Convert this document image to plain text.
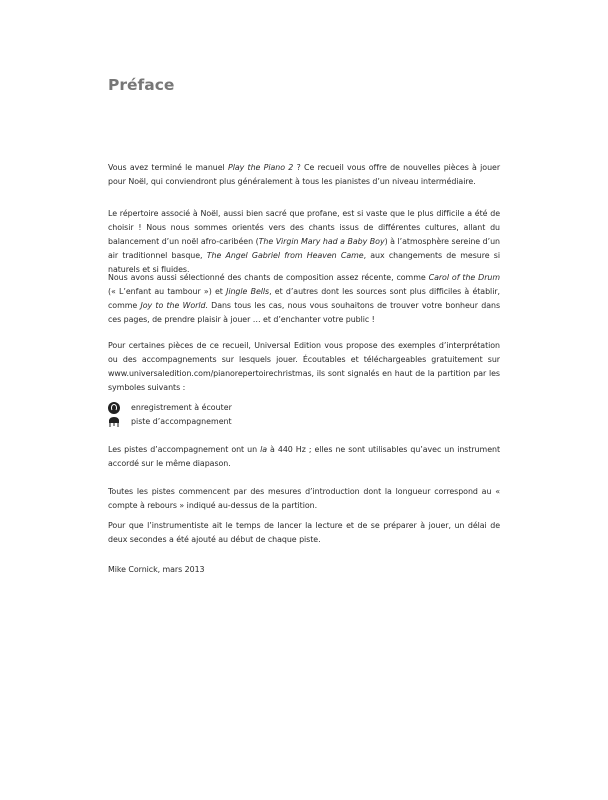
Préface
Vous avez terminé le manuel Play the Piano 2 ? Ce recueil vous offre de nouvelles pièces à jouer pour Noël, qui conviendront plus généralement à tous les pianistes d’un niveau intermédiaire.
Le répertoire associé à Noël, aussi bien sacré que profane, est si vaste que le plus difficile a été de choisir ! Nous nous sommes orientés vers des chants issus de différentes cultures, allant du balancement d’un noël afro-caribéen (The Virgin Mary had a Baby Boy) à l’atmosphère sereine d’un air traditionnel basque, The Angel Gabriel from Heaven Came, aux changements de mesure si naturels et si fluides.
Nous avons aussi sélectionné des chants de composition assez récente, comme Carol of the Drum (« L’enfant au tambour ») et Jingle Bells, et d’autres dont les sources sont plus difficiles à établir, comme Joy to the World. Dans tous les cas, nous vous souhaitons de trouver votre bonheur dans ces pages, de prendre plaisir à jouer … et d’enchanter votre public !
Pour certaines pièces de ce recueil, Universal Edition vous propose des exemples d’interprétation ou des accompagnements sur lesquels jouer. Écoutables et téléchargeables gratuitement sur www.universaledition.com/pianorepertoirechristmas, ils sont signalés en haut de la partition par les symboles suivants :
enregistrement à écouter
piste d’accompagnement
Les pistes d’accompagnement ont un la à 440 Hz ; elles ne sont utilisables qu’avec un instrument accordé sur le même diapason.
Toutes les pistes commencent par des mesures d’introduction dont la longueur correspond au « compte à rebours » indiqué au-dessus de la partition.
Pour que l’instrumentiste ait le temps de lancer la lecture et de se préparer à jouer, un délai de deux secondes a été ajouté au début de chaque piste.
Mike Cornick, mars 2013
